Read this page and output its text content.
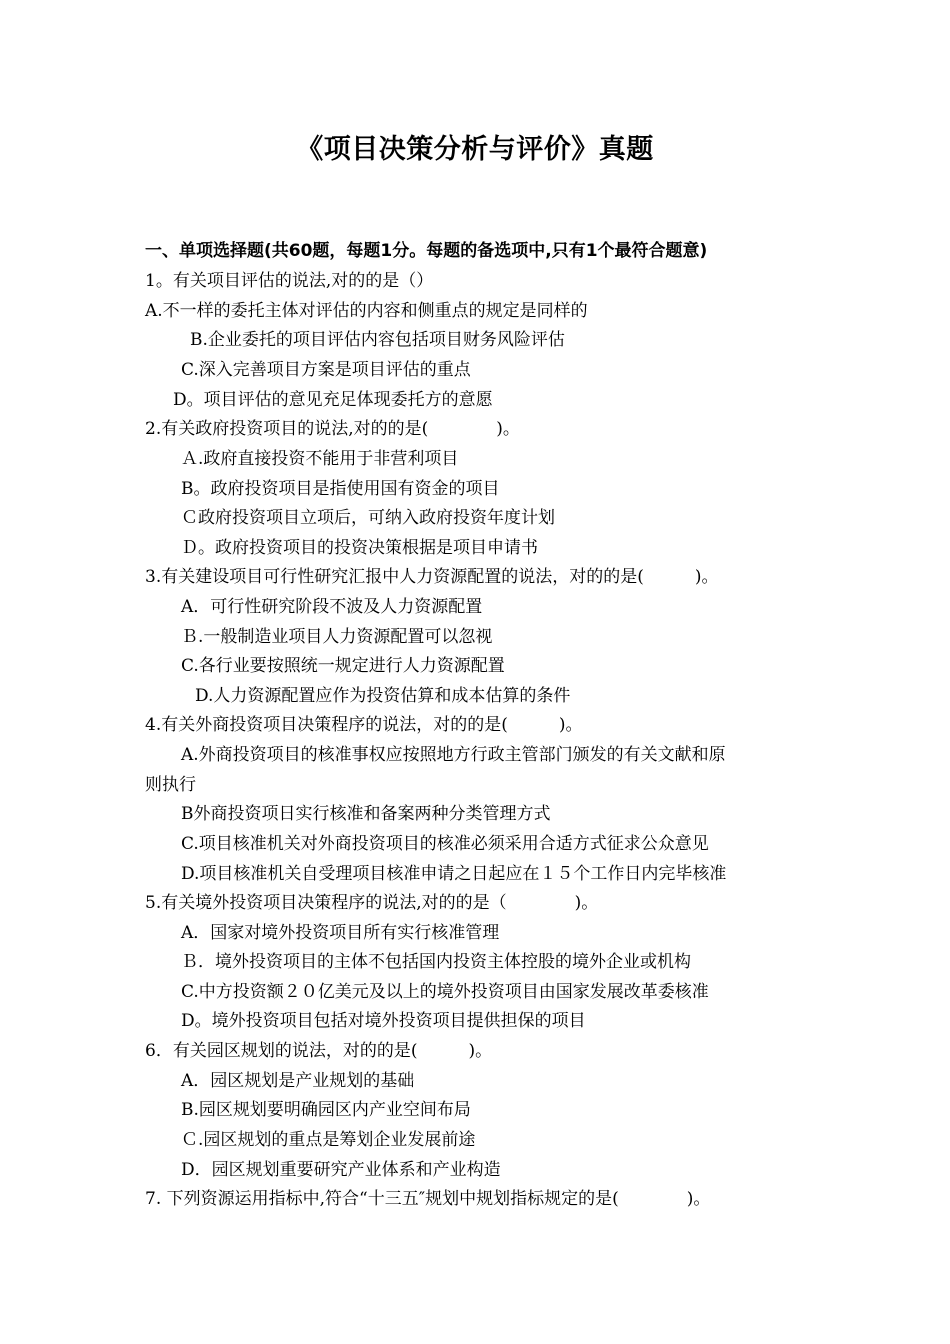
《项目决策分析与评价》真题
一、单项选择题(共60题，每题1分。每题的备选项中,只有1个最符合题意)
1。有关项目评估的说法,对的的是（）
A.不一样的委托主体对评估的内容和侧重点的规定是同样的
B.企业委托的项目评估内容包括项目财务风险评估
C.深入完善项目方案是项目评估的重点
D。项目评估的意见充足体现委托方的意愿
2.有关政府投资项目的说法,对的的是(　　　　)。
Ａ.政府直接投资不能用于非营利项目
B。政府投资项目是指使用国有资金的项目
Ｃ政府投资项目立项后，可纳入政府投资年度计划
Ｄ。政府投资项目的投资决策根据是项目申请书
3.有关建设项目可行性研究汇报中人力资源配置的说法，对的的是(　　　)。
A．可行性研究阶段不波及人力资源配置
Ｂ.一般制造业项目人力资源配置可以忽视
C.各行业要按照统一规定进行人力资源配置
D.人力资源配置应作为投资估算和成本估算的条件
4.有关外商投资项目决策程序的说法，对的的是(　　　)。
A.外商投资项目的核准事权应按照地方行政主管部门颁发的有关文献和原
则执行
B外商投资项日实行核准和备案两种分类管理方式
C.项目核准机关对外商投资项目的核准必须采用合适方式征求公众意见
D.项目核准机关自受理项目核准申请之日起应在１５个工作日内完毕核准
5.有关境外投资项目决策程序的说法,对的的是（　　　　)。
A．国家对境外投资项目所有实行核准管理
Ｂ．境外投资项目的主体不包括国内投资主体控股的境外企业或机构
C.中方投资额２０亿美元及以上的境外投资项目由国家发展改革委核准
D。境外投资项目包括对境外投资项目提供担保的项目
6．有关园区规划的说法，对的的是(　　　)。
A．园区规划是产业规划的基础
B.园区规划要明确园区内产业空间布局
Ｃ.园区规划的重点是筹划企业发展前途
D．园区规划重要研究产业体系和产业构造
7. 下列资源运用指标中,符合“十三五″规划中规划指标规定的是(　　　　)。
